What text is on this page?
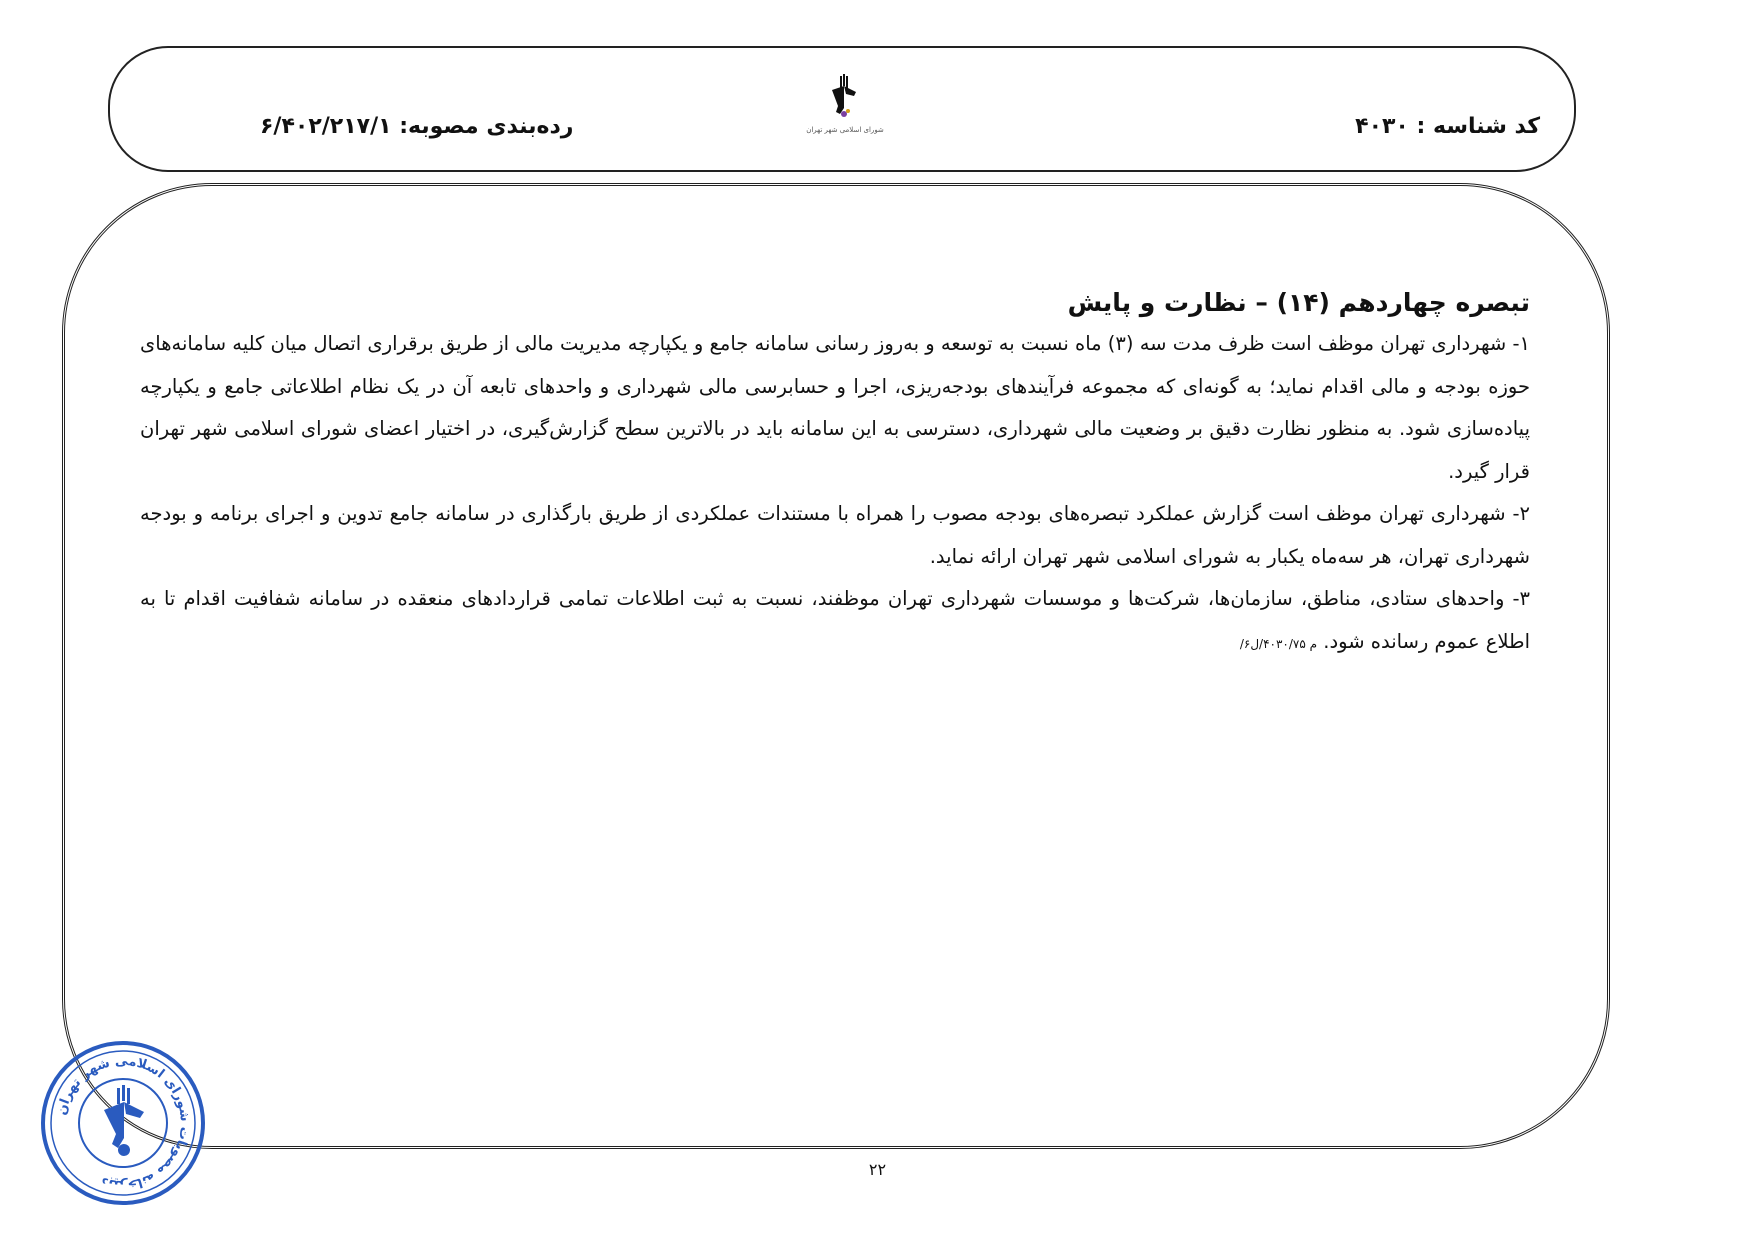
کد شناسه : ۴۰۳۰
شورای اسلامی شهر تهران
رده‌بندی مصوبه: ۶/۴۰۲/۲۱۷/۱
تبصره چهاردهم (۱۴) – نظارت و پایش
۱- شهرداری تهران موظف است ظرف مدت سه (۳) ماه نسبت به توسعه و به‌روز رسانی سامانه جامع و یکپارچه مدیریت مالی از طریق برقراری اتصال میان کلیه سامانه‌های حوزه بودجه و مالی اقدام نماید؛ به گونه‌ای که مجموعه فرآیندهای بودجه‌ریزی، اجرا و حسابرسی مالی شهرداری و واحدهای تابعه آن در یک نظام اطلاعاتی جامع و یکپارچه پیاده‌سازی شود. به منظور نظارت دقیق بر وضعیت مالی شهرداری، دسترسی به این سامانه باید در بالاترین سطح گزارش‌گیری، در اختیار اعضای شورای اسلامی شهر تهران قرار گیرد.
۲- شهرداری تهران موظف است گزارش عملکرد تبصره‌های بودجه مصوب را همراه با مستندات عملکردی از طریق بارگذاری در سامانه جامع تدوین و اجرای برنامه و بودجه شهرداری تهران، هر سه‌ماه یکبار به شورای اسلامی شهر تهران ارائه نماید.
۳- واحدهای ستادی، مناطق، سازمان‌ها، شرکت‌ها و موسسات شهرداری تهران موظفند، نسبت به ثبت اطلاعات تمامی قراردادهای منعقده در سامانه شفافیت اقدام تا به اطلاع عموم رسانده شود. م ۴۰۳۰/۷۵/ل۶/
۲۲
دبیرخانه مصوبات شورای اسلامی شهر تهران
